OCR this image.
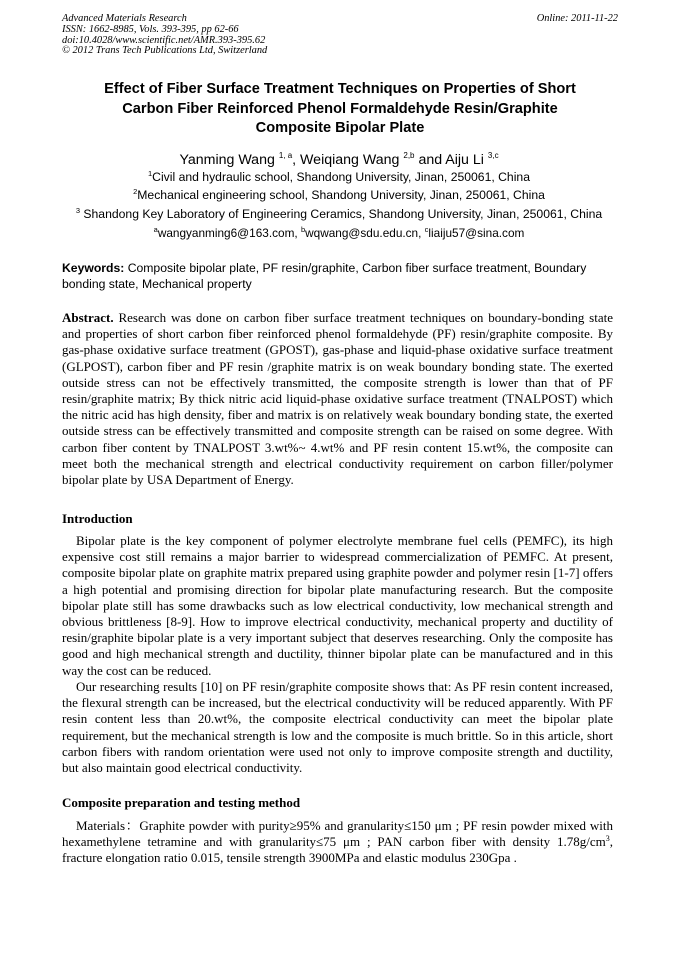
Advanced Materials Research
ISSN: 1662-8985, Vols. 393-395, pp 62-66
doi:10.4028/www.scientific.net/AMR.393-395.62
© 2012 Trans Tech Publications Ltd, Switzerland
Online: 2011-11-22
Effect of Fiber Surface Treatment Techniques on Properties of Short
Carbon Fiber Reinforced Phenol Formaldehyde Resin/Graphite
Composite Bipolar Plate
Yanming Wang $^{1, a}$, Weiqiang Wang $^{2,b}$ and Aiju Li $^{3,c}$
$^1$Civil and hydraulic school, Shandong University, Jinan, 250061, China
$^2$Mechanical engineering school, Shandong University, Jinan, 250061, China
$^3$ Shandong Key Laboratory of Engineering Ceramics, Shandong University, Jinan, 250061, China
$^a$wangyanming6@163.com, $^b$wqwang@sdu.edu.cn, $^c$liaiju57@sina.com
Keywords: Composite bipolar plate, PF resin/graphite, Carbon fiber surface treatment, Boundary bonding state, Mechanical property
Abstract. Research was done on carbon fiber surface treatment techniques on boundary-bonding state and properties of short carbon fiber reinforced phenol formaldehyde (PF) resin/graphite composite. By gas-phase oxidative surface treatment (GPOST), gas-phase and liquid-phase oxidative surface treatment (GLPOST), carbon fiber and PF resin /graphite matrix is on weak boundary bonding state. The exerted outside stress can not be effectively transmitted, the composite strength is lower than that of PF resin/graphite matrix; By thick nitric acid liquid-phase oxidative surface treatment (TNALPOST) which the nitric acid has high density, fiber and matrix is on relatively weak boundary bonding state, the exerted outside stress can be effectively transmitted and composite strength can be raised on some degree. With carbon fiber content by TNALPOST 3.wt%~ 4.wt% and PF resin content 15.wt%, the composite can meet both the mechanical strength and electrical conductivity requirement on carbon filler/polymer bipolar plate by USA Department of Energy.
Introduction
Bipolar plate is the key component of polymer electrolyte membrane fuel cells (PEMFC), its high expensive cost still remains a major barrier to widespread commercialization of PEMFC. At present, composite bipolar plate on graphite matrix prepared using graphite powder and polymer resin [1-7] offers a high potential and promising direction for bipolar plate manufacturing research. But the composite bipolar plate still has some drawbacks such as low electrical conductivity, low mechanical strength and obvious brittleness [8-9]. How to improve electrical conductivity, mechanical property and ductility of resin/graphite bipolar plate is a very important subject that deserves researching. Only the composite has good and high mechanical strength and ductility, thinner bipolar plate can be manufactured and in this way the cost can be reduced.
Our researching results [10] on PF resin/graphite composite shows that: As PF resin content increased, the flexural strength can be increased, but the electrical conductivity will be reduced apparently. With PF resin content less than 20.wt%, the composite electrical conductivity can meet the bipolar plate requirement, but the mechanical strength is low and the composite is much brittle. So in this article, short carbon fibers with random orientation were used not only to improve composite strength and ductility, but also maintain good electrical conductivity.
Composite preparation and testing method
Materials：Graphite powder with purity≥95% and granularity≤150 μm ; PF resin powder mixed with hexamethylene tetramine and with granularity≤75 μm ; PAN carbon fiber with density $1.78g/cm^3$, fracture elongation ratio 0.015, tensile strength 3900MPa and elastic modulus 230Gpa .
